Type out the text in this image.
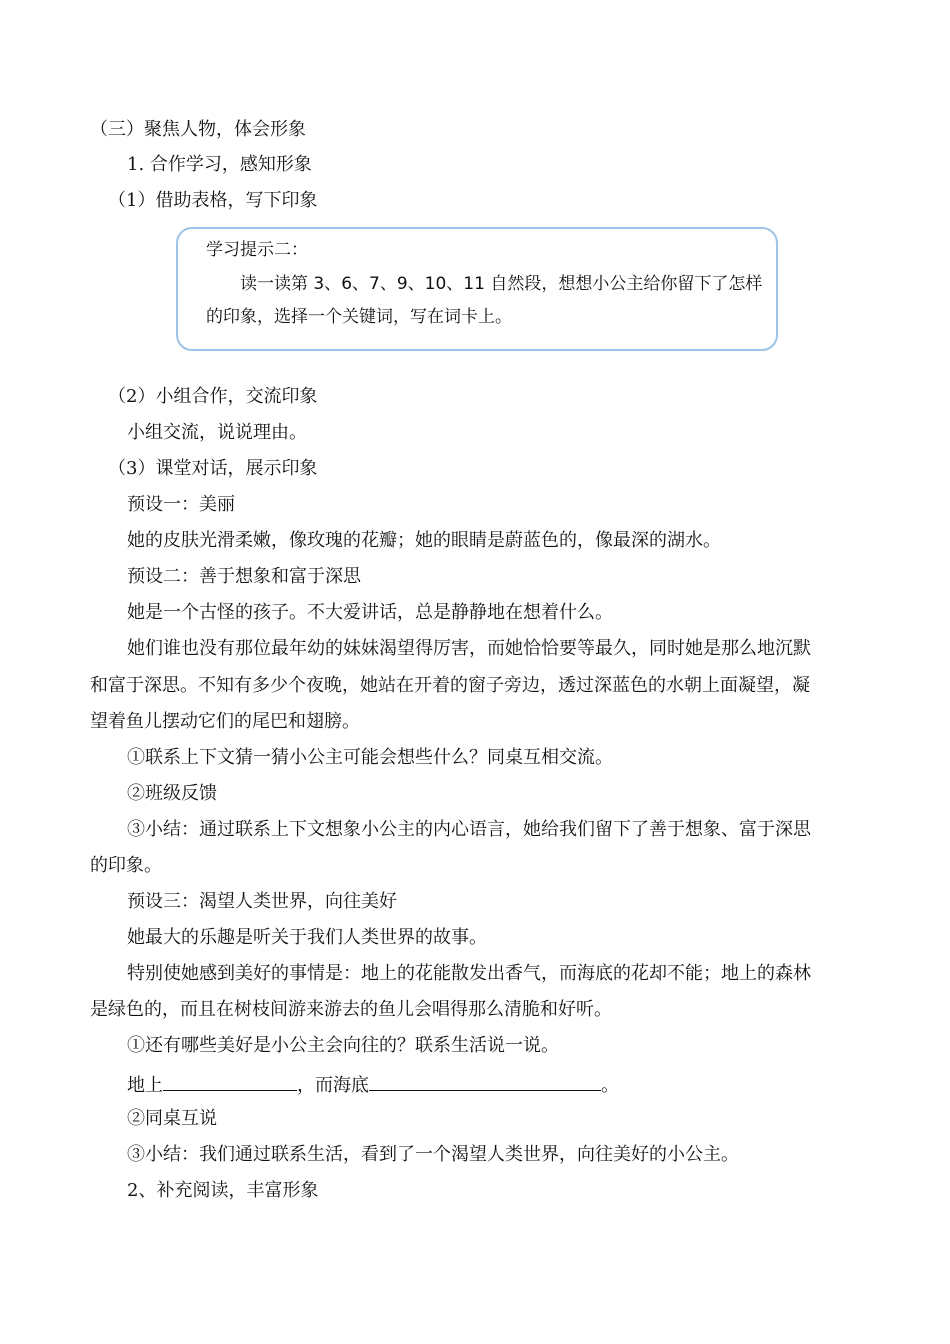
（三）聚焦人物，体会形象
1. 合作学习，感知形象
（1）借助表格，写下印象
学习提示二：
读一读第 3、6、7、9、10、11 自然段，想想小公主给你留下了怎样
的印象，选择一个关键词，写在词卡上。
（2）小组合作，交流印象
小组交流，说说理由。
（3）课堂对话，展示印象
预设一：美丽
她的皮肤光滑柔嫩，像玫瑰的花瓣；她的眼睛是蔚蓝色的，像最深的湖水。
预设二：善于想象和富于深思
她是一个古怪的孩子。不大爱讲话，总是静静地在想着什么。
她们谁也没有那位最年幼的妹妹渴望得厉害，而她恰恰要等最久，同时她是那么地沉默
和富于深思。不知有多少个夜晚，她站在开着的窗子旁边，透过深蓝色的水朝上面凝望，凝
望着鱼儿摆动它们的尾巴和翅膀。
①联系上下文猜一猜小公主可能会想些什么？同桌互相交流。
②班级反馈
③小结：通过联系上下文想象小公主的内心语言，她给我们留下了善于想象、富于深思
的印象。
预设三：渴望人类世界，向往美好
她最大的乐趣是听关于我们人类世界的故事。
特别使她感到美好的事情是：地上的花能散发出香气，而海底的花却不能；地上的森林
是绿色的，而且在树枝间游来游去的鱼儿会唱得那么清脆和好听。
①还有哪些美好是小公主会向往的？联系生活说一说。
地上	，而海底	。
②同桌互说
③小结：我们通过联系生活，看到了一个渴望人类世界，向往美好的小公主。
2、补充阅读，丰富形象
